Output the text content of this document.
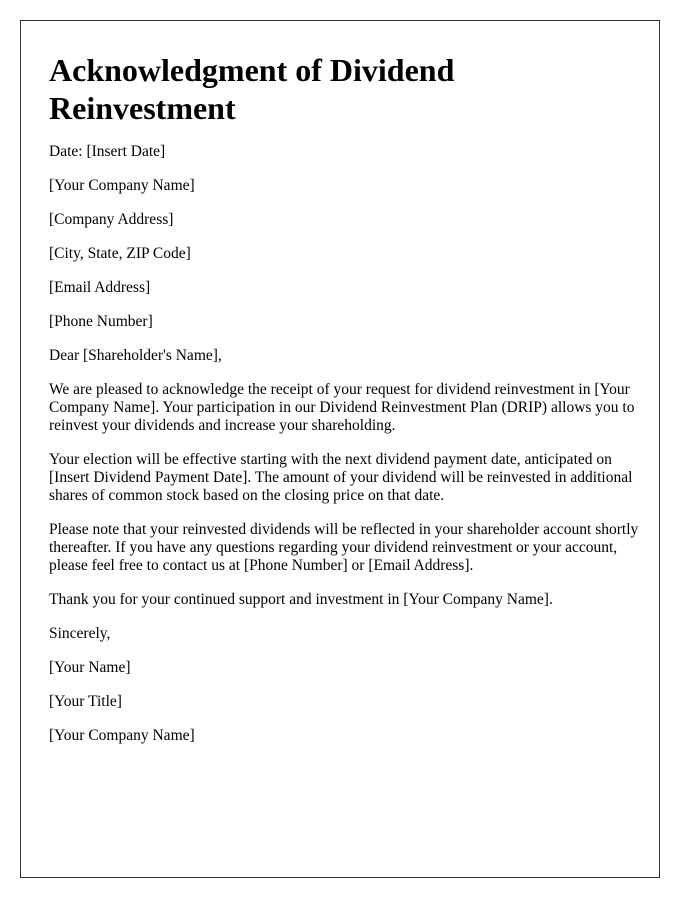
Acknowledgment of Dividend Reinvestment

Date: [Insert Date]

[Your Company Name]

[Company Address]

[City, State, ZIP Code]

[Email Address]

[Phone Number]

Dear [Shareholder's Name],

We are pleased to acknowledge the receipt of your request for dividend reinvestment in [Your Company Name]. Your participation in our Dividend Reinvestment Plan (DRIP) allows you to reinvest your dividends and increase your shareholding.

Your election will be effective starting with the next dividend payment date, anticipated on [Insert Dividend Payment Date]. The amount of your dividend will be reinvested in additional shares of common stock based on the closing price on that date.

Please note that your reinvested dividends will be reflected in your shareholder account shortly thereafter. If you have any questions regarding your dividend reinvestment or your account, please feel free to contact us at [Phone Number] or [Email Address].

Thank you for your continued support and investment in [Your Company Name].

Sincerely,

[Your Name]

[Your Title]

[Your Company Name]
